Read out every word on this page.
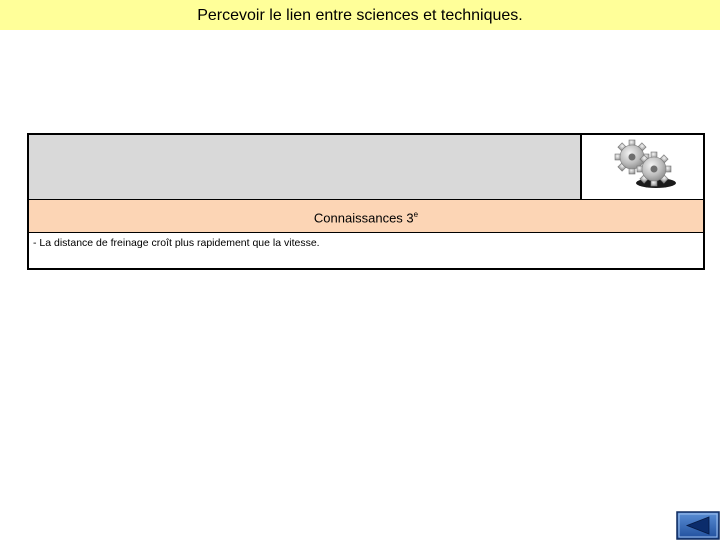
Percevoir le lien entre sciences et techniques.
Connaissances 3e
- La distance de freinage croît plus rapidement que la vitesse.
